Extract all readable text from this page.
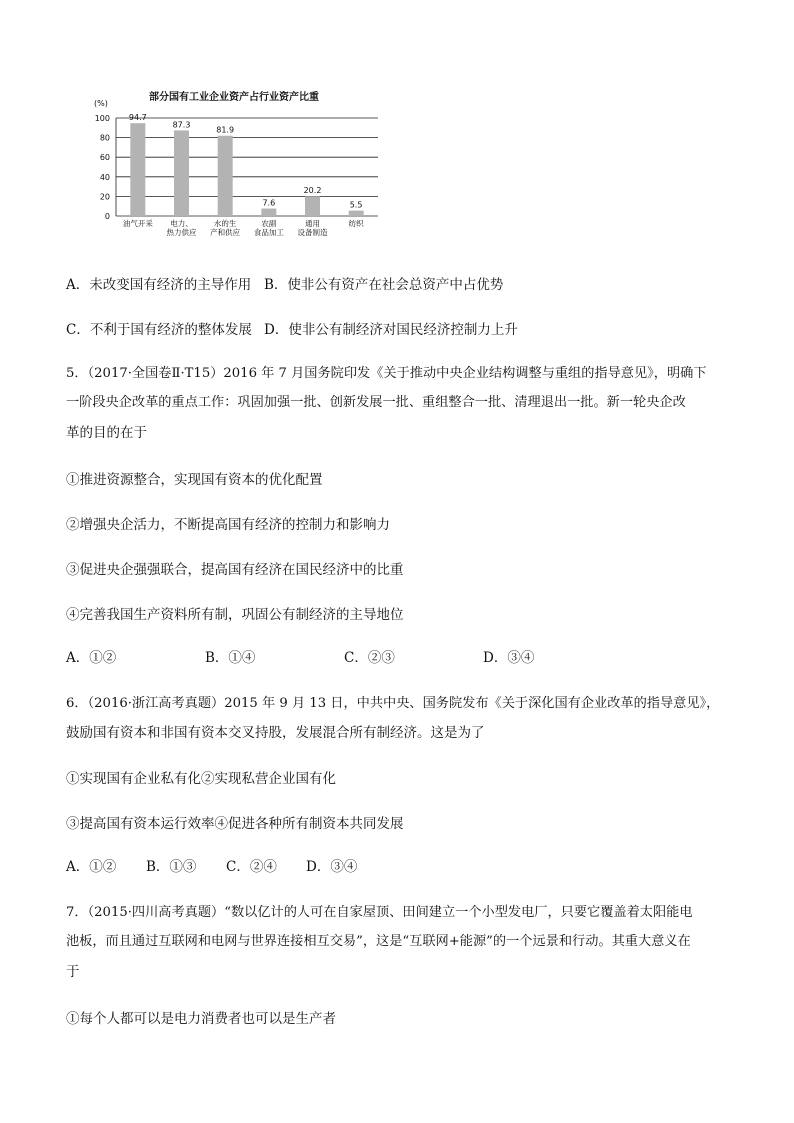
部分国有工业企业资产占行业资产比重
(%)
0
20
40
60
80
100 94.7
油气开采
87.3
电力、
热力供应
81.9
水的生
产和供应
7.6
农副
食品加工
20.2
通用
设备制造
5.5
纺织
A．未改变国有经济的主导作用 B．使非公有资产在社会总资产中占优势
C．不利于国有经济的整体发展 D．使非公有制经济对国民经济控制力上升
5．（2017·全国卷Ⅱ·T15）2016 年 7 月国务院印发《关于推动中央企业结构调整与重组的指导意见》，明确下
一阶段央企改革的重点工作：巩固加强一批、创新发展一批、重组整合一批、清理退出一批。新一轮央企改
革的目的在于
①推进资源整合，实现国有资本的优化配置
②增强央企活力，不断提高国有经济的控制力和影响力
③促进央企强强联合，提高国有经济在国民经济中的比重
④完善我国生产资料所有制，巩固公有制经济的主导地位
A．①②	B．①④	C．②③	D．③④
6．（2016·浙江高考真题）2015 年 9 月 13 日，中共中央、国务院发布《关于深化国有企业改革的指导意见》，
鼓励国有资本和非国有资本交叉持股，发展混合所有制经济。这是为了
①实现国有企业私有化②实现私营企业国有化
③提高国有资本运行效率④促进各种所有制资本共同发展
A．①② B．①③ C．②④ D．③④
7．（2015·四川高考真题）“数以亿计的人可在自家屋顶、田间建立一个小型发电厂，只要它覆盖着太阳能电
池板，而且通过互联网和电网与世界连接相互交易”，这是“互联网+能源”的一个远景和行动。其重大意义在
于
①每个人都可以是电力消费者也可以是生产者
